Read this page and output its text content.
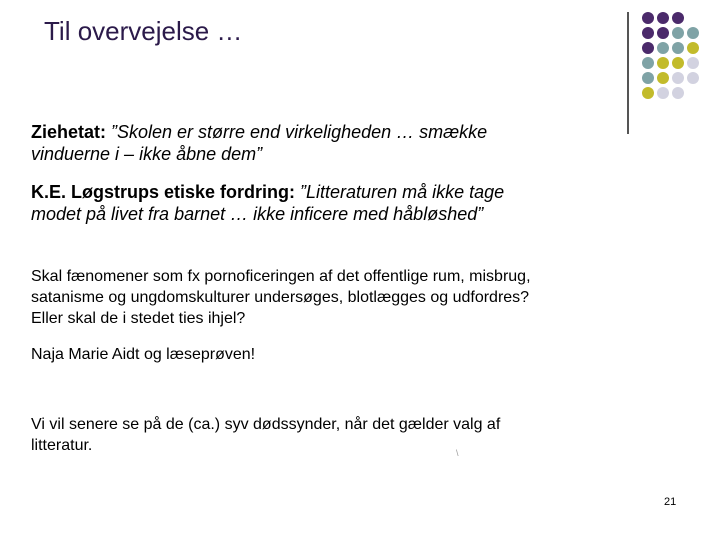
Til overvejelse …
Ziehetat: ”Skolen er større end virkeligheden … smække
vinduerne i – ikke åbne dem”
K.E. Løgstrups etiske fordring: ”Litteraturen må ikke tage
modet på livet fra barnet … ikke inficere med håbløshed”
Skal fænomener som fx pornoficeringen af det offentlige rum, misbrug,
satanisme og ungdomskulturer undersøges, blotlægges og udfordres?
Eller skal de i stedet ties ihjel?
Naja Marie Aidt og læseprøven!
Vi vil senere se på de (ca.) syv dødssynder, når det gælder valg af
litteratur.	\
21
